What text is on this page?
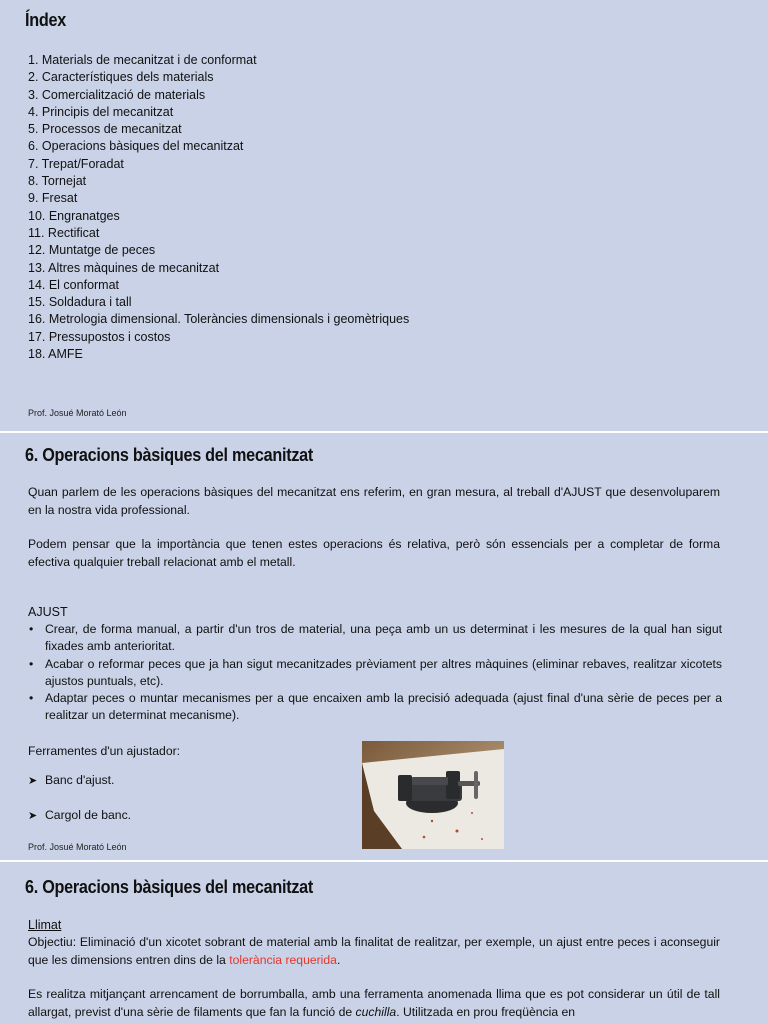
Índex
1. Materials de mecanitzat i de conformat
2. Característiques dels materials
3. Comercialització de materials
4. Principis del mecanitzat
5. Processos de mecanitzat
6. Operacions bàsiques del mecanitzat
7. Trepat/Foradat
8. Tornejat
9. Fresat
10. Engranatges
11. Rectificat
12. Muntatge de peces
13. Altres màquines de mecanitzat
14. El conformat
15. Soldadura i tall
16. Metrologia dimensional. Toleràncies dimensionals i geomètriques
17. Pressupostos i costos
18. AMFE
Prof. Josué Morató León
6. Operacions bàsiques del mecanitzat

Quan parlem de les operacions bàsiques del mecanitzat ens referim, en gran mesura, al treball d'AJUST que desenvoluparem en la nostra vida professional.

Podem pensar que la importància que tenen estes operacions és relativa, però són essencials per a completar de forma efectiva qualquier treball relacionat amb el metall.

AJUST
• Crear, de forma manual, a partir d'un tros de material, una peça amb un us determinat i les mesures de la qual han sigut fixades amb anterioritat.
• Acabar o reformar peces que ja han sigut mecanitzades prèviament per altres màquines (eliminar rebaves, realitzar xicotets ajustos puntuals, etc).
• Adaptar peces o muntar mecanismes per a que encaixen amb la precisió adequada (ajust final d'una sèrie de peces per a realitzar un determinat mecanisme).
Ferramentes d'un ajustador:
➤ Banc d'ajust.
➤ Cargol de banc.
Prof. Josué Morató León
6. Operacions bàsiques del mecanitzat
Llimat

Objectiu: Eliminació d'un xicotet sobrant de material amb la finalitat de realitzar, per exemple, un ajust entre peces i aconseguir que les dimensions entren dins de la tolerància requerida.

Es realitza mitjançant arrencament de borrumballa, amb una ferramenta anomenada llima que es pot considerar un útil de tall allargat, previst d'una sèrie de filaments que fan la funció de cuchilla. Utilitzada en prou freqüència en
